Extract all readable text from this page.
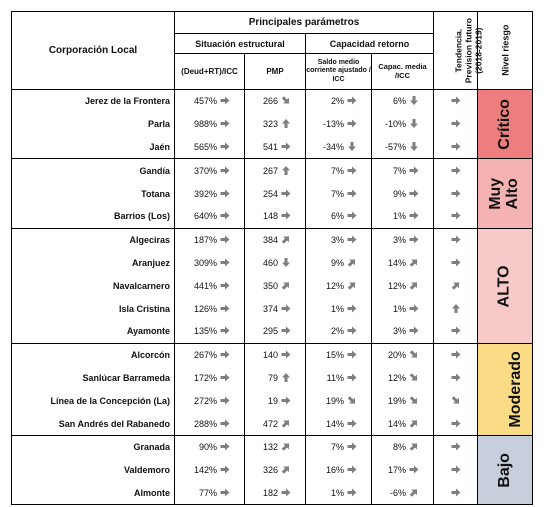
Corporación Local	Principales parámetros				Tendencia. Prevision futuro (2018-2019)	Nivel riesgo
	Situación estructural		Capacidad retorno			
	(Deud+RT)/ICC	PMP	Saldo medio corriente ajustado / ICC	Capac. media /ICC		
Jerez de la Frontera	457%	266	2%	6%		Crítico
Parla	988%	323	-13%	-10%

Jaén	565%	541	-34%	-57%

Gandía	370%	267	7%	7%		Muy Alto
Totana	392%	254	7%	9%

Barrios (Los)	640%	148	6%	1%

Algeciras	187%	384	3%	3%		ALTO
Aranjuez	309%	460	9%	14%

Navalcarnero	441%	350	12%	12%

Isla Cristina	126%	374	1%	1%

Ayamonte	135%	295	2%	3%

Alcorcón	267%	140	15%	20%		Moderado
Sanlúcar Barrameda	172%	79	11%	12%

Línea de la Concepción (La)	272%	19	19%	19%

San Andrés del Rabanedo	288%	472	14%	14%

Granada	90%	132	7%	8%		Bajo
Valdemoro	142%	326	16%	17%

Almonte	77%	182	1%	-6%
